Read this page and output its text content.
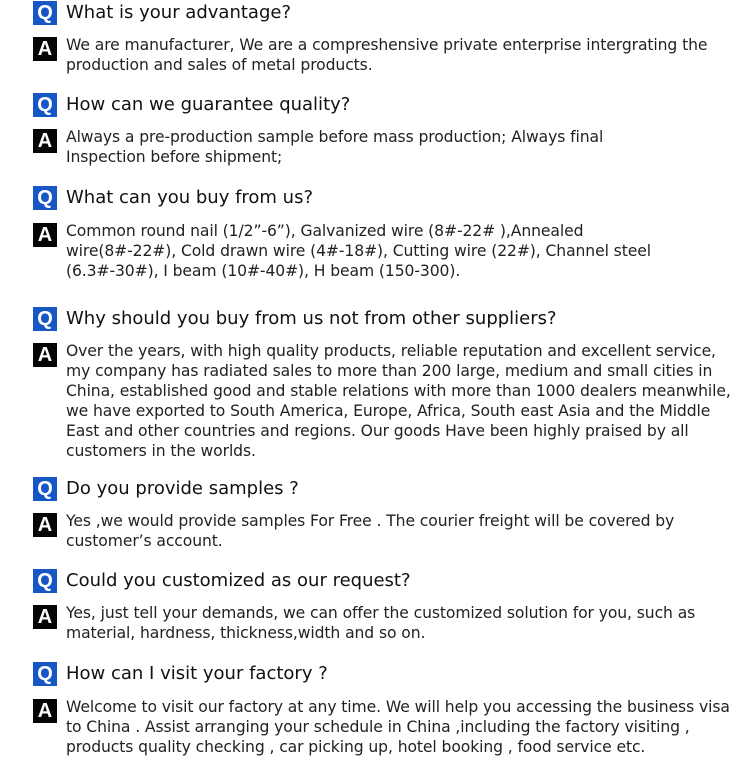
Q What is your advantage?
A We are manufacturer, We are a compreshensive private enterprise intergrating the production and sales of metal products.
Q How can we guarantee quality?
A Always a pre-production sample before mass production; Always final Inspection before shipment;
Q What can you buy from us?
A Common round nail (1/2”-6”), Galvanized wire (8#-22# ),Annealed wire(8#-22#), Cold drawn wire (4#-18#), Cutting wire (22#), Channel steel (6.3#-30#), I beam (10#-40#), H beam (150-300).
Q Why should you buy from us not from other suppliers?
A Over the years, with high quality products, reliable reputation and excellent service, my company has radiated sales to more than 200 large, medium and small cities in China, established good and stable relations with more than 1000 dealers meanwhile, we have exported to South America, Europe, Africa, South east Asia and the Middle East and other countries and regions. Our goods Have been highly praised by all customers in the worlds.
Q Do you provide samples ?
A Yes ,we would provide samples For Free . The courier freight will be covered by customer’s account.
Q Could you customized as our request?
A Yes, just tell your demands, we can offer the customized solution for you, such as material, hardness, thickness,width and so on.
Q How can I visit your factory ?
A Welcome to visit our factory at any time. We will help you accessing the business visa to China . Assist arranging your schedule in China ,including the factory visiting , products quality checking , car picking up, hotel booking , food service etc.
